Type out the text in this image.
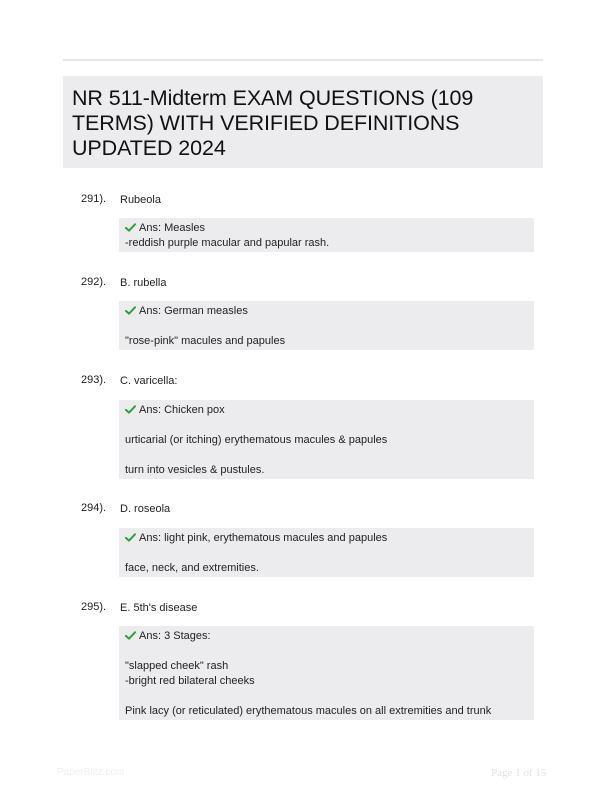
NR 511-Midterm EXAM QUESTIONS (109 TERMS) WITH VERIFIED DEFINITIONS UPDATED 2024
291). Rubeola
Ans: Measles
-reddish purple macular and papular rash.
292). B. rubella
Ans: German measles
"rose-pink" macules and papules
293). C. varicella:
Ans: Chicken pox
urticarial (or itching) erythematous macules & papules
turn into vesicles & pustules.
294). D. roseola
Ans: light pink, erythematous macules and papules
face, neck, and extremities.
295). E. 5th's disease
Ans: 3 Stages:
"slapped cheek" rash
-bright red bilateral cheeks
Pink lacy (or reticulated) erythematous macules on all extremities and trunk
PaperBlitz.com	Page 1 of 15
